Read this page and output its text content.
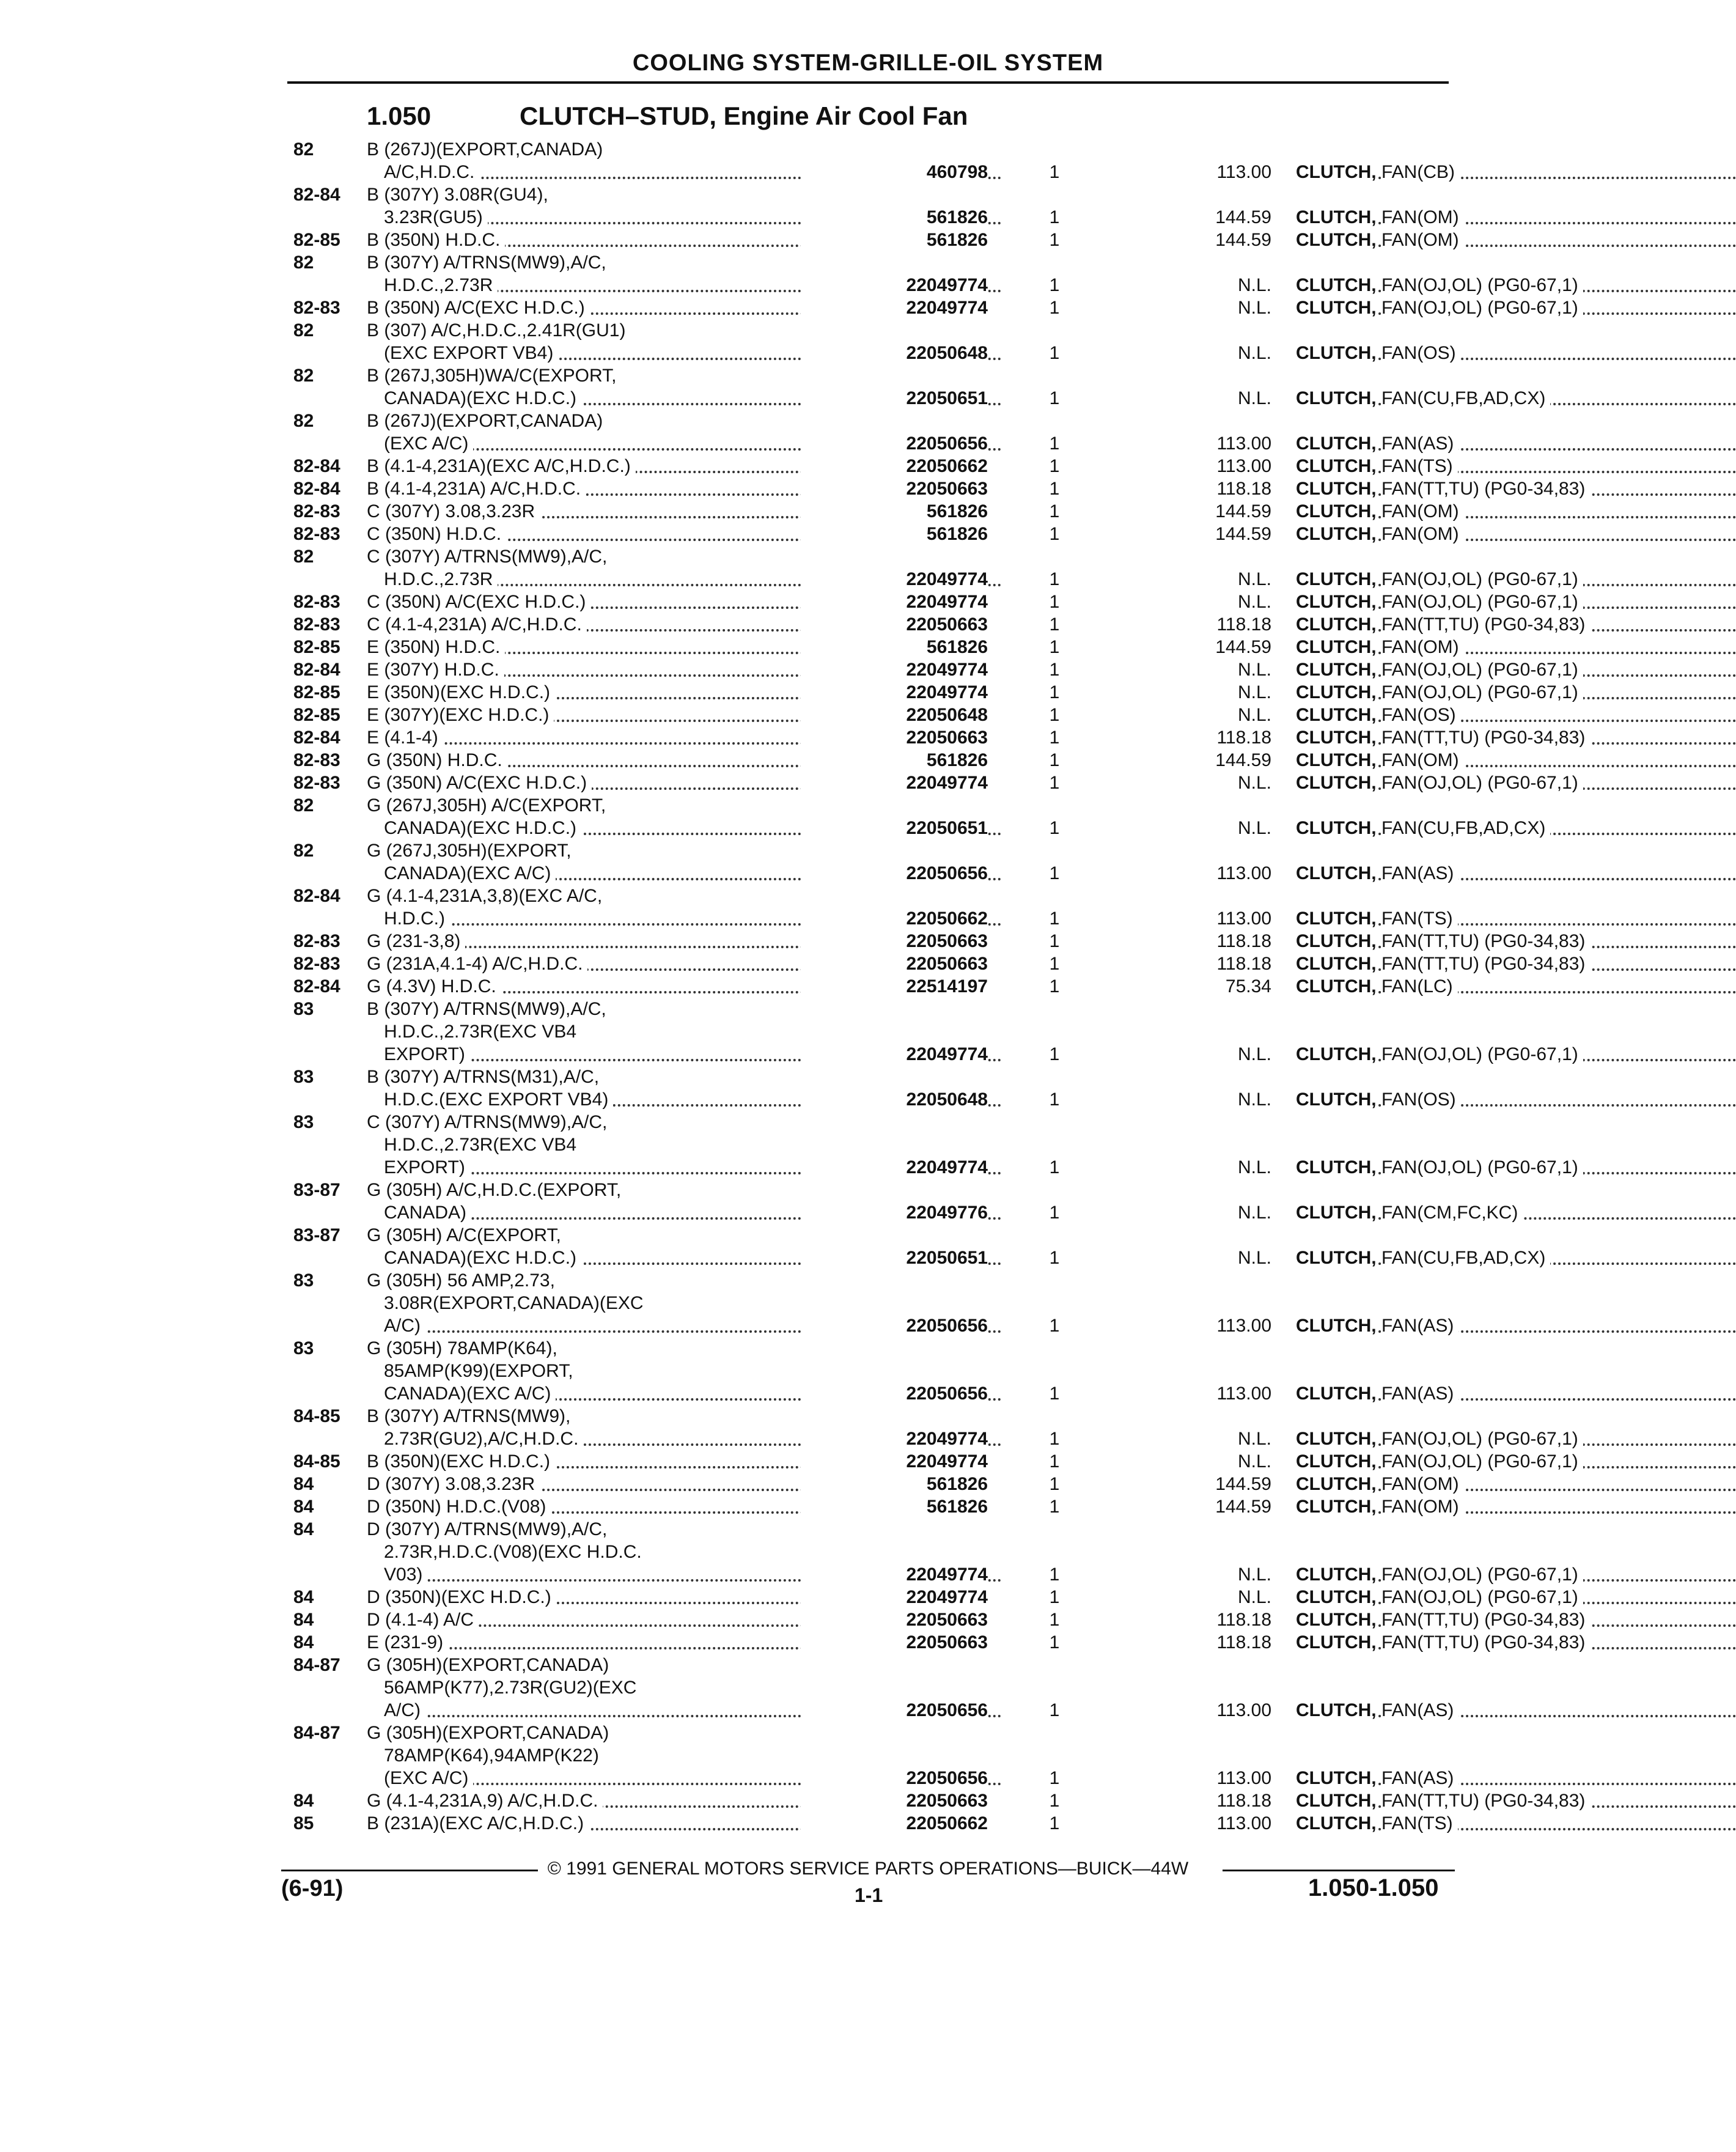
COOLING SYSTEM-GRILLE-OIL SYSTEM
1.050	CLUTCH–STUD, Engine Air Cool Fan
82	B (267J)(EXPORT,CANADA)
A/C,H.D.C.	460798	1	113.00 CLUTCH, FAN(CB)
82-84 B (307Y) 3.08R(GU4),
3.23R(GU5)	561826	1	144.59 CLUTCH, FAN(OM)
82-85 B (350N) H.D.C.	561826	1	144.59 CLUTCH, FAN(OM)
82	B (307Y) A/TRNS(MW9),A/C,
H.D.C.,2.73R	22049774	1	N.L. CLUTCH, FAN(OJ,OL) (PG0-67,1)
82-83 B (350N) A/C(EXC H.D.C.)	22049774	1	N.L. CLUTCH, FAN(OJ,OL) (PG0-67,1)
82	B (307) A/C,H.D.C.,2.41R(GU1)
(EXC EXPORT VB4)	22050648	1	N.L. CLUTCH, FAN(OS)
82	B (267J,305H)WA/C(EXPORT,
CANADA)(EXC H.D.C.)	22050651	1	N.L. CLUTCH, FAN(CU,FB,AD,CX)
82	B (267J)(EXPORT,CANADA)
(EXC A/C)	22050656	1	113.00 CLUTCH, FAN(AS)
82-84 B (4.1-4,231A)(EXC A/C,H.D.C.)	22050662	1	113.00 CLUTCH, FAN(TS)
82-84 B (4.1-4,231A) A/C,H.D.C.	22050663	1	118.18 CLUTCH, FAN(TT,TU) (PG0-34,83)
82-83 C (307Y) 3.08,3.23R	561826	1	144.59 CLUTCH, FAN(OM)
82-83 C (350N) H.D.C.	561826	1	144.59 CLUTCH, FAN(OM)
82	C (307Y) A/TRNS(MW9),A/C,
H.D.C.,2.73R	22049774	1	N.L. CLUTCH, FAN(OJ,OL) (PG0-67,1)
82-83 C (350N) A/C(EXC H.D.C.)	22049774	1	N.L. CLUTCH, FAN(OJ,OL) (PG0-67,1)
82-83 C (4.1-4,231A) A/C,H.D.C.	22050663	1	118.18 CLUTCH, FAN(TT,TU) (PG0-34,83)
82-85 E (350N) H.D.C.	561826	1	144.59 CLUTCH, FAN(OM)
82-84 E (307Y) H.D.C.	22049774	1	N.L. CLUTCH, FAN(OJ,OL) (PG0-67,1)
82-85 E (350N)(EXC H.D.C.)	22049774	1	N.L. CLUTCH, FAN(OJ,OL) (PG0-67,1)
82-85 E (307Y)(EXC H.D.C.)	22050648	1	N.L. CLUTCH, FAN(OS)
82-84 E (4.1-4)	22050663	1	118.18 CLUTCH, FAN(TT,TU) (PG0-34,83)
82-83 G (350N) H.D.C.	561826	1	144.59 CLUTCH, FAN(OM)
82-83 G (350N) A/C(EXC H.D.C.)	22049774	1	N.L. CLUTCH, FAN(OJ,OL) (PG0-67,1)
82	G (267J,305H) A/C(EXPORT,
CANADA)(EXC H.D.C.)	22050651	1	N.L. CLUTCH, FAN(CU,FB,AD,CX)
82	G (267J,305H)(EXPORT,
CANADA)(EXC A/C)	22050656	1	113.00 CLUTCH, FAN(AS)
82-84 G (4.1-4,231A,3,8)(EXC A/C,
H.D.C.)	22050662	1	113.00 CLUTCH, FAN(TS)
82-83 G (231-3,8)	22050663	1	118.18 CLUTCH, FAN(TT,TU) (PG0-34,83)
82-83 G (231A,4.1-4) A/C,H.D.C.	22050663	1	118.18 CLUTCH, FAN(TT,TU) (PG0-34,83)
82-84 G (4.3V) H.D.C.	22514197	1	75.34 CLUTCH, FAN(LC)
83	B (307Y) A/TRNS(MW9),A/C,
H.D.C.,2.73R(EXC VB4
EXPORT)	22049774	1	N.L. CLUTCH, FAN(OJ,OL) (PG0-67,1)
83	B (307Y) A/TRNS(M31),A/C,
H.D.C.(EXC EXPORT VB4)	22050648	1	N.L. CLUTCH, FAN(OS)
83	C (307Y) A/TRNS(MW9),A/C,
H.D.C.,2.73R(EXC VB4
EXPORT)	22049774	1	N.L. CLUTCH, FAN(OJ,OL) (PG0-67,1)
83-87 G (305H) A/C,H.D.C.(EXPORT,
CANADA)	22049776	1	N.L. CLUTCH, FAN(CM,FC,KC)
83-87 G (305H) A/C(EXPORT,
CANADA)(EXC H.D.C.)	22050651	1	N.L. CLUTCH, FAN(CU,FB,AD,CX)
83	G (305H) 56 AMP,2.73,
3.08R(EXPORT,CANADA)(EXC
A/C)	22050656	1	113.00 CLUTCH, FAN(AS)
83	G (305H) 78AMP(K64),
85AMP(K99)(EXPORT,
CANADA)(EXC A/C)	22050656	1	113.00 CLUTCH, FAN(AS)
84-85 B (307Y) A/TRNS(MW9),
2.73R(GU2),A/C,H.D.C.	22049774	1	N.L. CLUTCH, FAN(OJ,OL) (PG0-67,1)
84-85 B (350N)(EXC H.D.C.)	22049774	1	N.L. CLUTCH, FAN(OJ,OL) (PG0-67,1)
84	D (307Y) 3.08,3.23R	561826	1	144.59 CLUTCH, FAN(OM)
84	D (350N) H.D.C.(V08)	561826	1	144.59 CLUTCH, FAN(OM)
84	D (307Y) A/TRNS(MW9),A/C,
2.73R,H.D.C.(V08)(EXC H.D.C.
V03)	22049774	1	N.L. CLUTCH, FAN(OJ,OL) (PG0-67,1)
84	D (350N)(EXC H.D.C.)	22049774	1	N.L. CLUTCH, FAN(OJ,OL) (PG0-67,1)
84	D (4.1-4) A/C	22050663	1	118.18 CLUTCH, FAN(TT,TU) (PG0-34,83)
84	E (231-9)	22050663	1	118.18 CLUTCH, FAN(TT,TU) (PG0-34,83)
84-87 G (305H)(EXPORT,CANADA)
56AMP(K77),2.73R(GU2)(EXC
A/C)	22050656	1	113.00 CLUTCH, FAN(AS)
84-87 G (305H)(EXPORT,CANADA)
78AMP(K64),94AMP(K22)
(EXC A/C)	22050656	1	113.00 CLUTCH, FAN(AS)
84	G (4.1-4,231A,9) A/C,H.D.C.	22050663	1	118.18 CLUTCH, FAN(TT,TU) (PG0-34,83)
85	B (231A)(EXC A/C,H.D.C.)	22050662	1	113.00 CLUTCH, FAN(TS)
© 1991 GENERAL MOTORS SERVICE PARTS OPERATIONS—BUICK—44W
(6-91)	1-1	1.050-1.050
